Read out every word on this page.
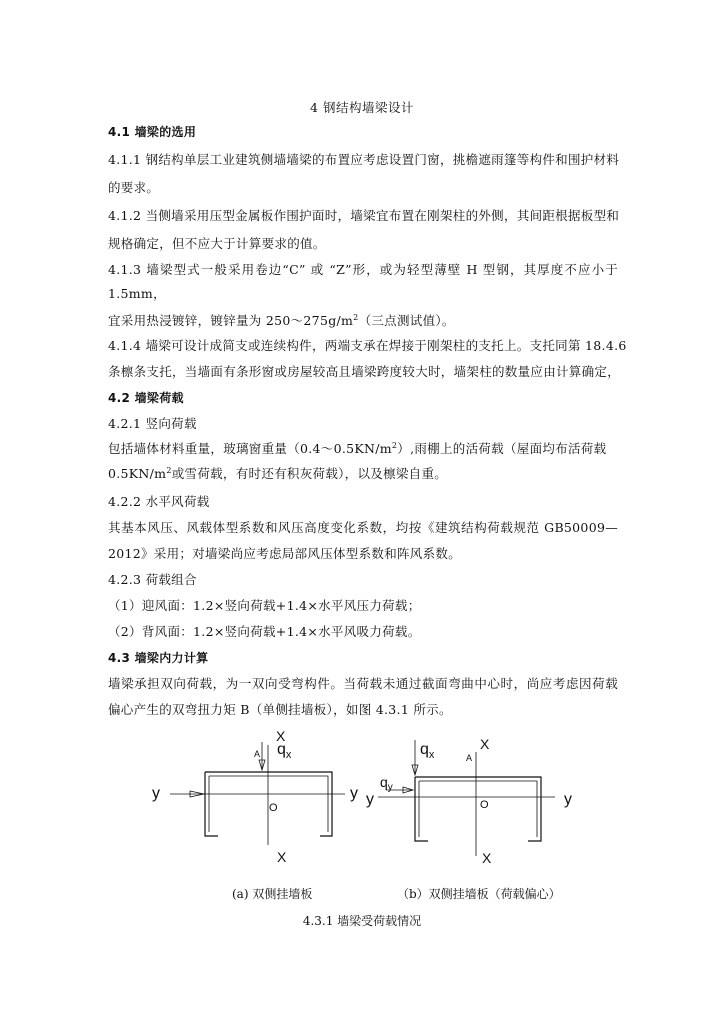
4 钢结构墙梁设计
4.1 墙梁的选用
4.1.1 钢结构单层工业建筑侧墙墙梁的布置应考虑设置门窗，挑檐遮雨篷等构件和围护材料
的要求。
4.1.2 当侧墙采用压型金属板作围护面时，墙梁宜布置在刚架柱的外侧，其间距根据板型和
规格确定，但不应大于计算要求的值。
4.1.3 墙梁型式一般采用卷边“C” 或 “Z”形，或为轻型薄壁 H 型钢，其厚度不应小于
1.5mm，
宜采用热浸镀锌，镀锌量为 $250\sim 275g/m^2$（三点测试值）。
4.1.4 墙梁可设计成简支或连续构件，两端支承在焊接于刚架柱的支托上。支托同第 18.4.6
条檩条支托，当墙面有条形窗或房屋较高且墙梁跨度较大时，墙架柱的数量应由计算确定，
4.2 墙梁荷载
4.2.1 竖向荷载
包括墙体材料重量，玻璃窗重量$(0.4\sim 0.5KN/m^2)$,雨棚上的活荷载（屋面均布活荷载
$0.5KN/m^2$或雪荷载，有时还有积灰荷载），以及檩梁自重。
4.2.2 水平风荷载
其基本风压、风载体型系数和风压高度变化系数，均按《建筑结构荷载规范 GB50009—
2012》采用；对墙梁尚应考虑局部风压体型系数和阵风系数。
4.2.3 荷载组合
（1）迎风面：1.2×竖向荷载+1.4×水平风压力荷载；
（2）背风面：1.2×竖向荷载+1.4×水平风吸力荷载。
4.3 墙梁内力计算
墙梁承担双向荷载，为一双向受弯构件。当荷载未通过截面弯曲中心时，尚应考虑因荷载
偏心产生的双弯扭力矩 B（单侧挂墙板），如图 4.3.1 所示。
X
X
y	y
A $q_x$
O
X
X
y	y
A
$q_x$
$q_y$
O
(a) 双侧挂墙板	（b）双侧挂墙板（荷载偏心）
4.3.1 墙梁受荷载情况
